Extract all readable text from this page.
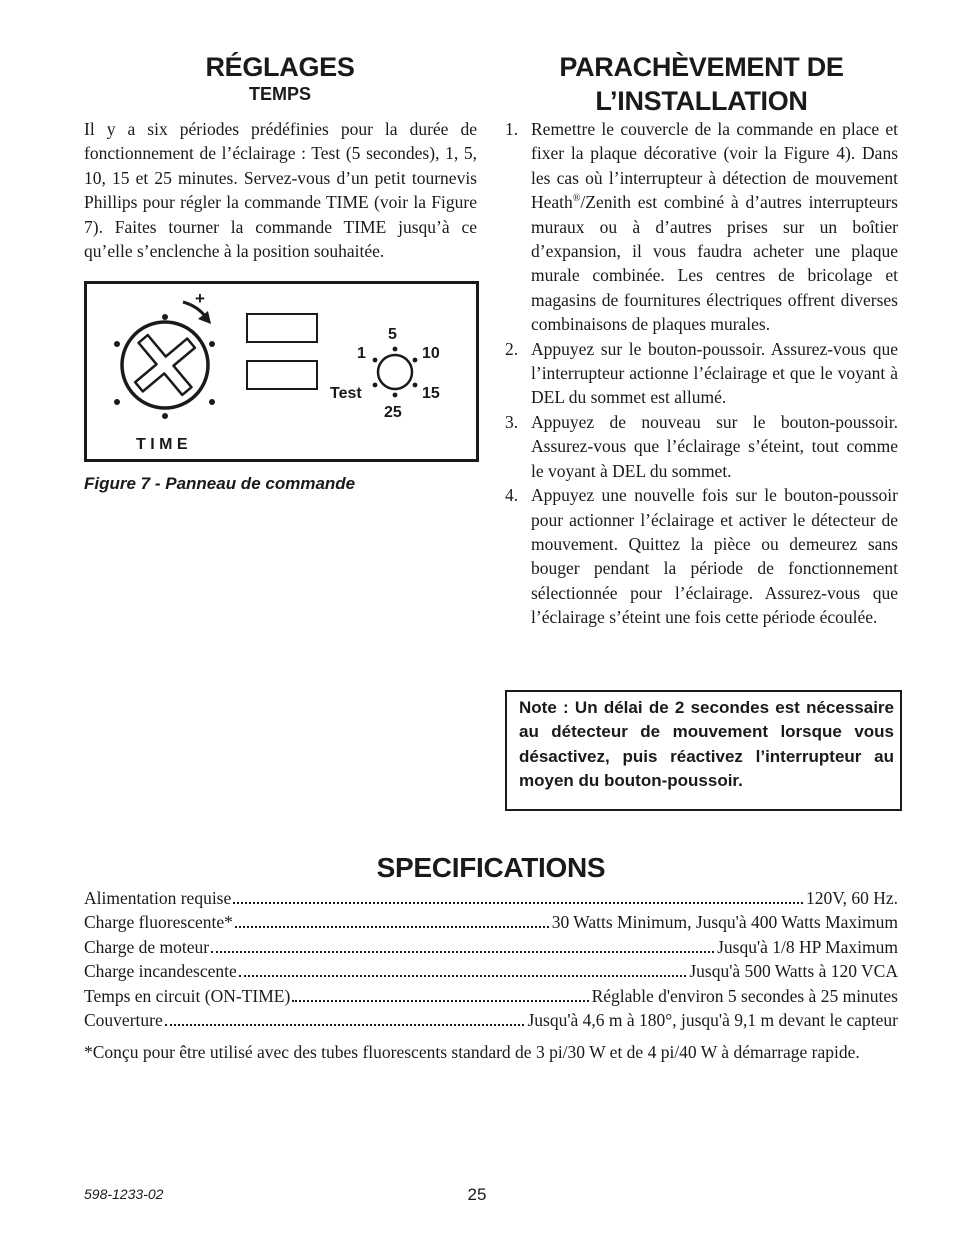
RÉGLAGES
TEMPS
Il y a six périodes prédéfinies pour la durée de fonctionnement de l’éclairage : Test (5 secondes), 1, 5, 10, 15 et 25 minutes. Servez-vous d’un petit tournevis Phillips pour régler la commande TIME (voir la Figure 7). Faites tourner la commande TIME jusqu’à ce qu’elle s’enclenche à la position souhaitée.
+
5
1	10
Test	15
25
T I M E
Figure 7 - Panneau de commande
PARACHÈVEMENT DE
L’INSTALLATION
1. Remettre le couvercle de la commande en place et fixer la plaque décorative (voir la Figure 4). Dans les cas où l’interrupteur à détection de mouvement Heath®/Zenith est combiné à d’autres interrupteurs muraux ou à d’autres prises sur un boîtier d’expansion, il vous faudra acheter une plaque murale combinée. Les centres de bricolage et magasins de fournitures électriques offrent diverses combinaisons de plaques murales.
2. Appuyez sur le bouton-poussoir. Assurez-vous que l’interrupteur actionne l’éclairage et que le voyant à DEL du sommet est allumé.
3. Appuyez de nouveau sur le bouton-poussoir. Assurez-vous que l’éclairage s’éteint, tout comme le voyant à DEL du sommet.
4. Appuyez une nouvelle fois sur le bouton-poussoir pour actionner l’éclairage et activer le détecteur de mouvement. Quittez la pièce ou demeurez sans bouger pendant la période de fonctionnement sélectionnée pour l’éclairage. Assurez-vous que l’éclairage s’éteint une fois cette période écoulée.
Note : Un délai de 2 secondes est nécessaire au détecteur de mouvement lorsque vous désactivez, puis réactivez l’interrupteur au moyen du bouton-poussoir.
SPECIFICATIONS
Alimentation requise	120V, 60 Hz.
Charge fluorescente*	30 Watts Minimum, Jusqu'à 400 Watts Maximum
Charge de moteur	Jusqu'à 1/8 HP Maximum
Charge incandescente	Jusqu'à 500 Watts à 120 VCA
Temps en circuit (ON-TIME)	Réglable d'environ 5 secondes à 25 minutes
Couverture	Jusqu'à 4,6 m à 180°, jusqu'à 9,1 m devant le capteur
*Conçu pour être utilisé avec des tubes fluorescents standard de 3 pi/30 W et de 4 pi/40 W à démarrage rapide.
598-1233-02	25
